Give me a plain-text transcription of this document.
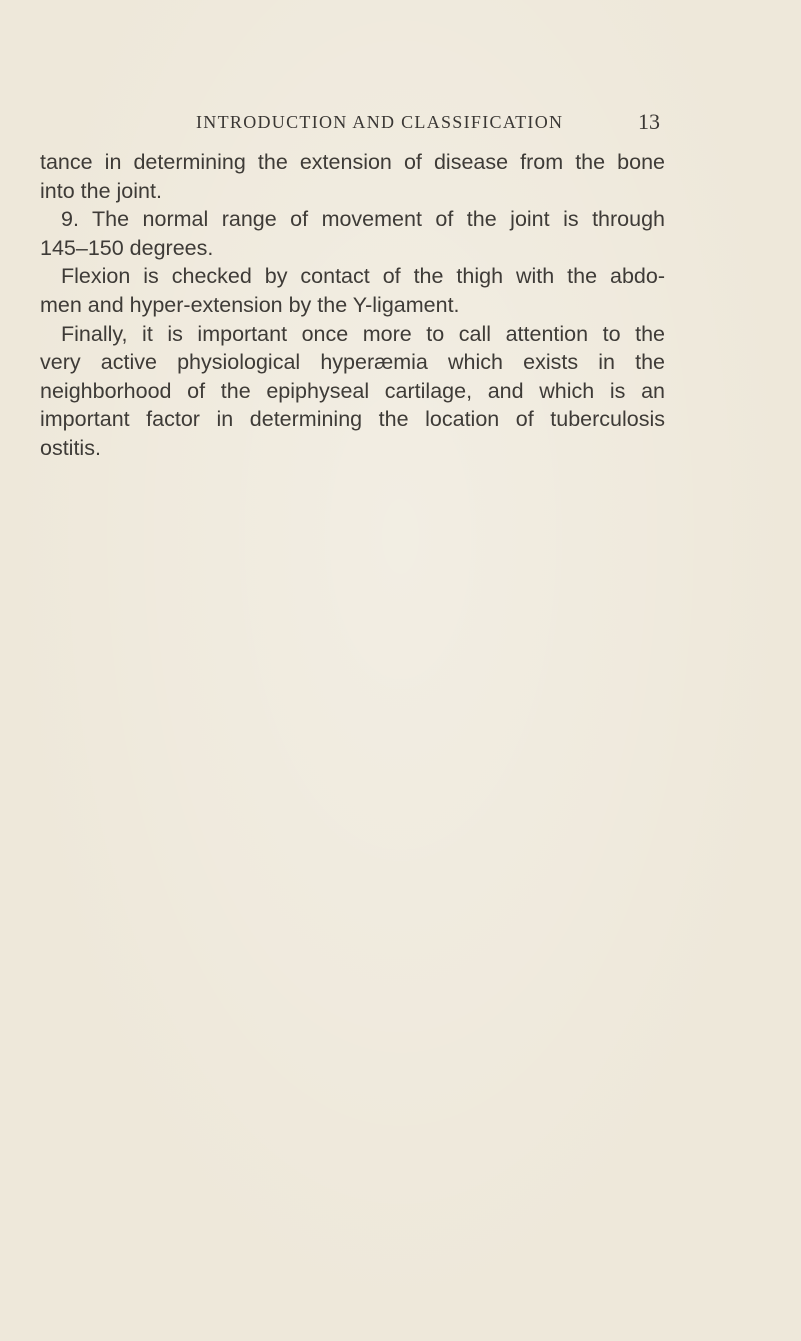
INTRODUCTION AND CLASSIFICATION	13
tance in determining the extension of disease from the bone
into the joint.
9. The normal range of movement of the joint is through
145–150 degrees.
Flexion is checked by contact of the thigh with the abdo-
men and hyper-extension by the Y-ligament.
Finally, it is important once more to call attention to the
very active physiological hyperæmia which exists in the
neighborhood of the epiphyseal cartilage, and which is an
important factor in determining the location of tuberculosis
ostitis.
